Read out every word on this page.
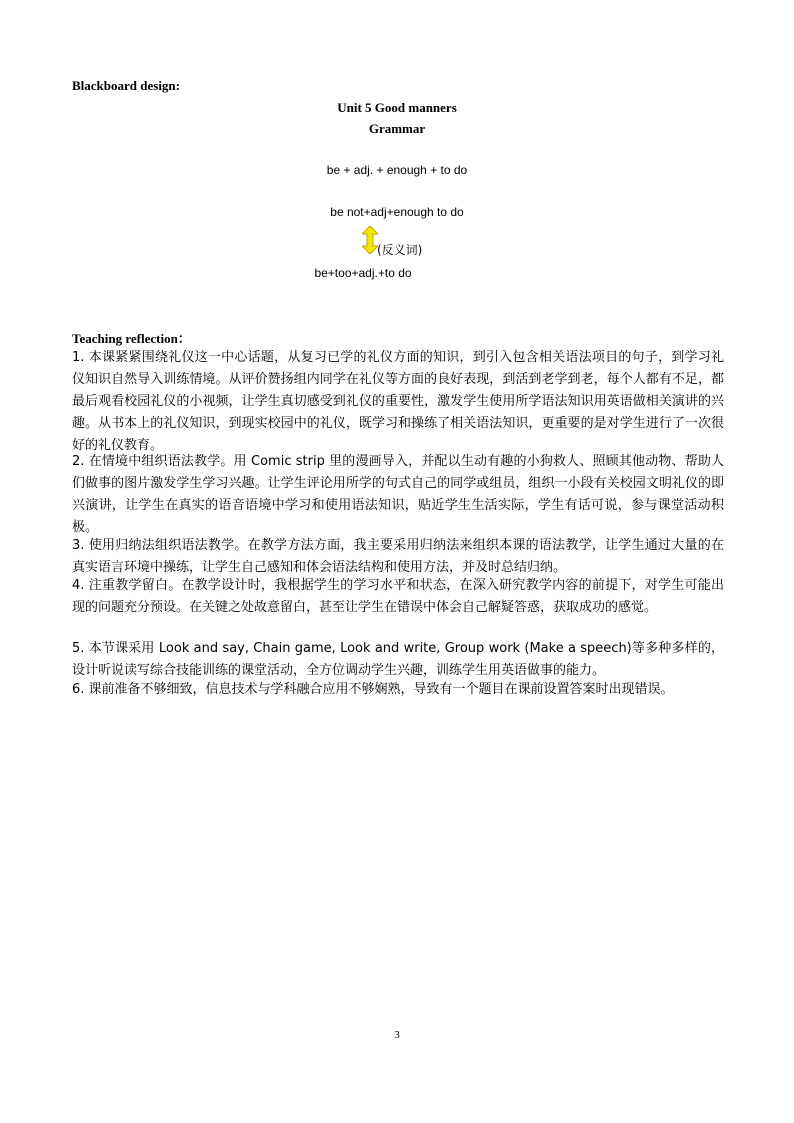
Blackboard design:
Unit 5 Good manners
Grammar
be + adj. + enough + to do
be not+adj+enough to do
(反义词)
be+too+adj.+to do
Teaching reflection：
1. 本课紧紧围绕礼仪这一中心话题，从复习已学的礼仪方面的知识，到引入包含相关语法项目的句子，到学习礼仪知识自然导入训练情境。从评价赞扬组内同学在礼仪等方面的良好表现，到活到老学到老，每个人都有不足，都最后观看校园礼仪的小视频，让学生真切感受到礼仪的重要性，激发学生使用所学语法知识用英语做相关演讲的兴趣。从书本上的礼仪知识，到现实校园中的礼仪，既学习和操练了相关语法知识，更重要的是对学生进行了一次很好的礼仪教育。
2. 在情境中组织语法教学。用 Comic strip 里的漫画导入，并配以生动有趣的小狗救人、照顾其他动物、帮助人们做事的图片激发学生学习兴趣。让学生评论用所学的句式自己的同学或组员，组织一小段有关校园文明礼仪的即兴演讲，让学生在真实的语音语境中学习和使用语法知识，贴近学生生活实际，学生有话可说，参与课堂活动积极。
3. 使用归纳法组织语法教学。在教学方法方面，我主要采用归纳法来组织本课的语法教学，让学生通过大量的在真实语言环境中操练，让学生自己感知和体会语法结构和使用方法，并及时总结归纳。
4. 注重教学留白。在教学设计时，我根据学生的学习水平和状态，在深入研究教学内容的前提下，对学生可能出现的问题充分预设。在关键之处故意留白，甚至让学生在错误中体会自己解疑答惑，获取成功的感觉。
5. 本节课采用 Look and say, Chain game, Look and write, Group work (Make a speech)等多种多样的，设计听说读写综合技能训练的课堂活动，全方位调动学生兴趣，训练学生用英语做事的能力。
6. 课前准备不够细致，信息技术与学科融合应用不够娴熟，导致有一个题目在课前设置答案时出现错误。
3
